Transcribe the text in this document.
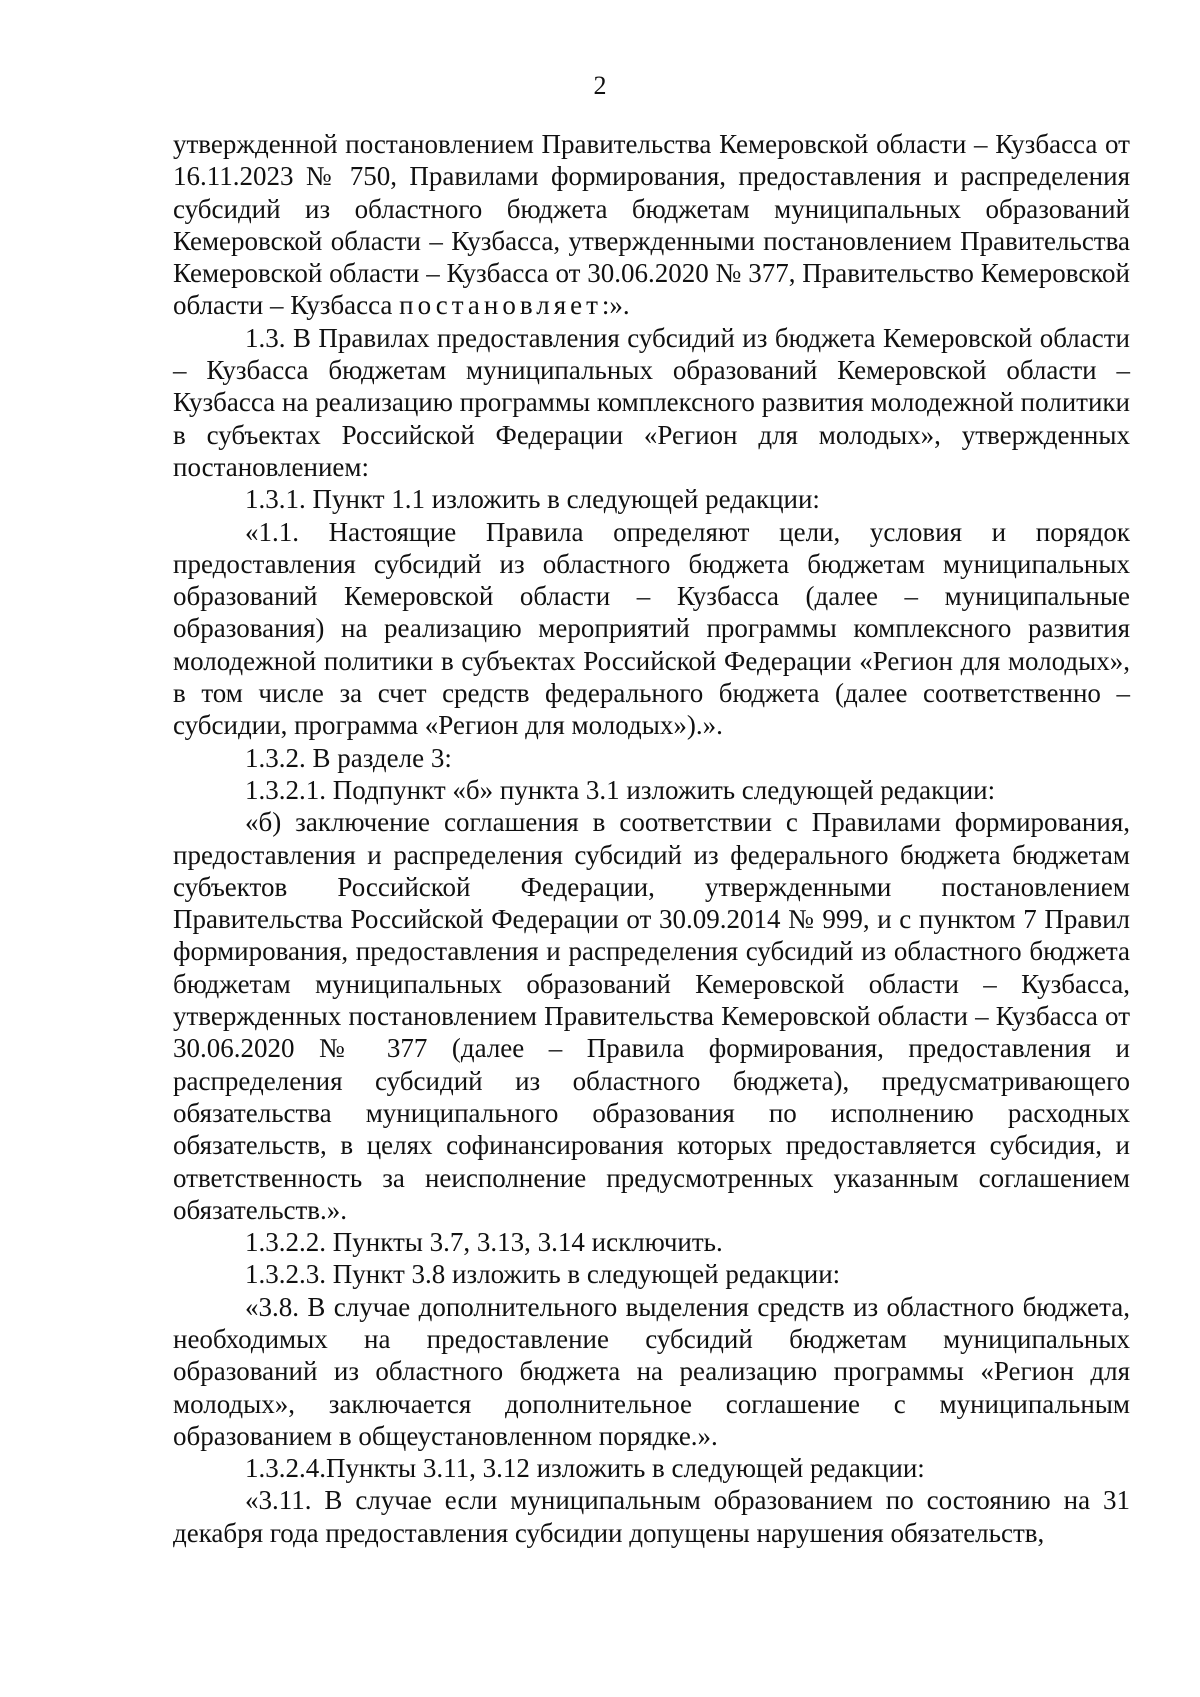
2

утвержденной постановлением Правительства Кемеровской области – Кузбасса от 16.11.2023 № 750, Правилами формирования, предоставления и распределения субсидий из областного бюджета бюджетам муниципальных образований Кемеровской области – Кузбасса, утвержденными постановлением Правительства Кемеровской области – Кузбасса от 30.06.2020 № 377, Правительство Кемеровской области – Кузбасса постановляет:».

1.3. В Правилах предоставления субсидий из бюджета Кемеровской области – Кузбасса бюджетам муниципальных образований Кемеровской области – Кузбасса на реализацию программы комплексного развития молодежной политики в субъектах Российской Федерации «Регион для молодых», утвержденных постановлением:

1.3.1. Пункт 1.1 изложить в следующей редакции:

«1.1. Настоящие Правила определяют цели, условия и порядок предоставления субсидий из областного бюджета бюджетам муниципальных образований Кемеровской области – Кузбасса (далее – муниципальные образования) на реализацию мероприятий программы комплексного развития молодежной политики в субъектах Российской Федерации «Регион для молодых», в том числе за счет средств федерального бюджета (далее соответственно – субсидии, программа «Регион для молодых»).».

1.3.2. В разделе 3:

1.3.2.1. Подпункт «б» пункта 3.1 изложить следующей редакции:

«б) заключение соглашения в соответствии с Правилами формирования, предоставления и распределения субсидий из федерального бюджета бюджетам субъектов Российской Федерации, утвержденными постановлением Правительства Российской Федерации от 30.09.2014 № 999, и с пунктом 7 Правил формирования, предоставления и распределения субсидий из областного бюджета бюджетам муниципальных образований Кемеровской области – Кузбасса, утвержденных постановлением Правительства Кемеровской области – Кузбасса от 30.06.2020 № 377 (далее – Правила формирования, предоставления и распределения субсидий из областного бюджета), предусматривающего обязательства муниципального образования по исполнению расходных обязательств, в целях софинансирования которых предоставляется субсидия, и ответственность за неисполнение предусмотренных указанным соглашением обязательств.».

1.3.2.2. Пункты 3.7, 3.13, 3.14 исключить.

1.3.2.3. Пункт 3.8 изложить в следующей редакции:

«3.8. В случае дополнительного выделения средств из областного бюджета, необходимых на предоставление субсидий бюджетам муниципальных образований из областного бюджета на реализацию программы «Регион для молодых», заключается дополнительное соглашение с муниципальным образованием в общеустановленном порядке.».

1.3.2.4.Пункты 3.11, 3.12 изложить в следующей редакции:

«3.11. В случае если муниципальным образованием по состоянию на 31 декабря года предоставления субсидии допущены нарушения обязательств,
